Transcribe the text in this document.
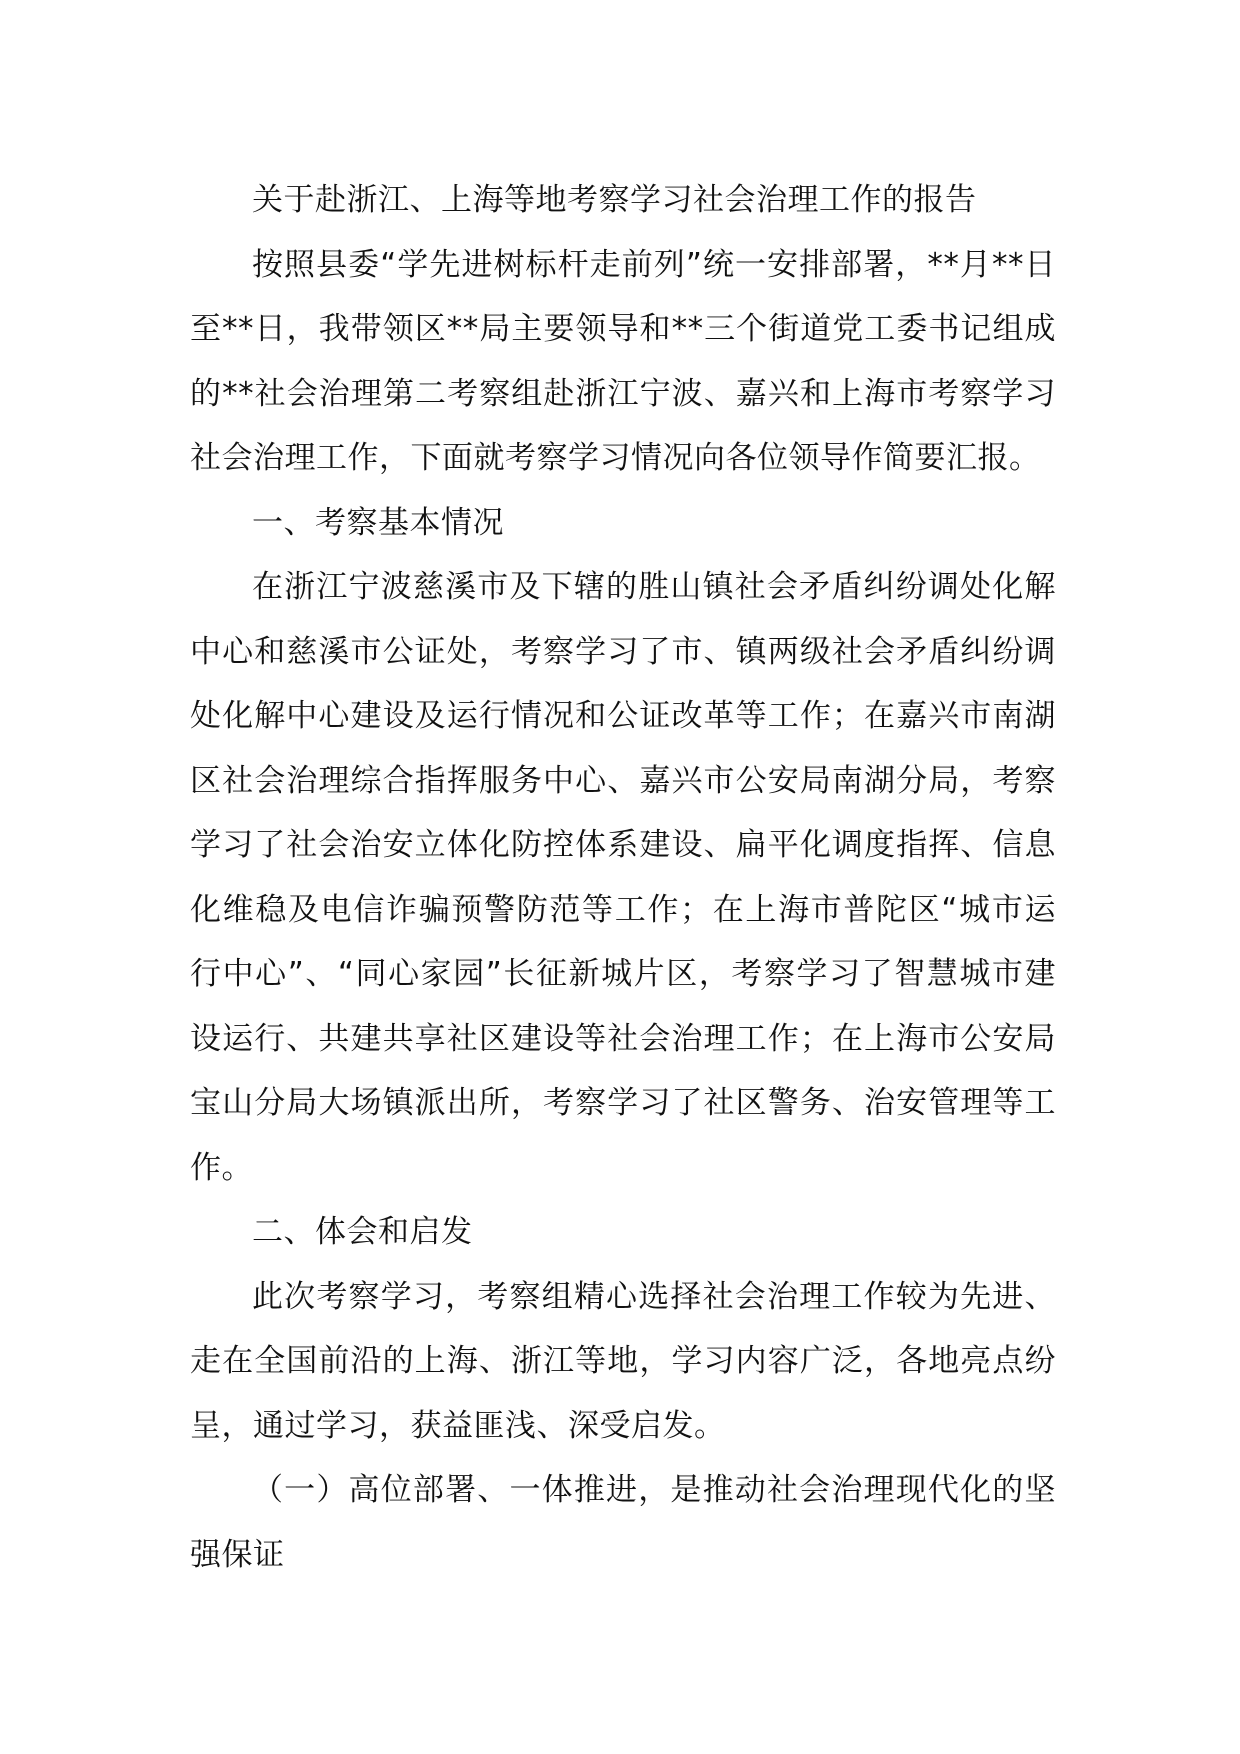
关于赴浙江、上海等地考察学习社会治理工作的报告

按照县委“学先进树标杆走前列”统一安排部署，**月**日至**日，我带领区**局主要领导和**三个街道党工委书记组成的**社会治理第二考察组赴浙江宁波、嘉兴和上海市考察学习社会治理工作，下面就考察学习情况向各位领导作简要汇报。

一、考察基本情况

在浙江宁波慈溪市及下辖的胜山镇社会矛盾纠纷调处化解中心和慈溪市公证处，考察学习了市、镇两级社会矛盾纠纷调处化解中心建设及运行情况和公证改革等工作；在嘉兴市南湖区社会治理综合指挥服务中心、嘉兴市公安局南湖分局，考察学习了社会治安立体化防控体系建设、扁平化调度指挥、信息化维稳及电信诈骗预警防范等工作；在上海市普陀区“城市运行中心”、“同心家园”长征新城片区，考察学习了智慧城市建设运行、共建共享社区建设等社会治理工作；在上海市公安局宝山分局大场镇派出所，考察学习了社区警务、治安管理等工作。

二、体会和启发

此次考察学习，考察组精心选择社会治理工作较为先进、走在全国前沿的上海、浙江等地，学习内容广泛，各地亮点纷呈，通过学习，获益匪浅、深受启发。

（一）高位部署、一体推进，是推动社会治理现代化的坚强保证
